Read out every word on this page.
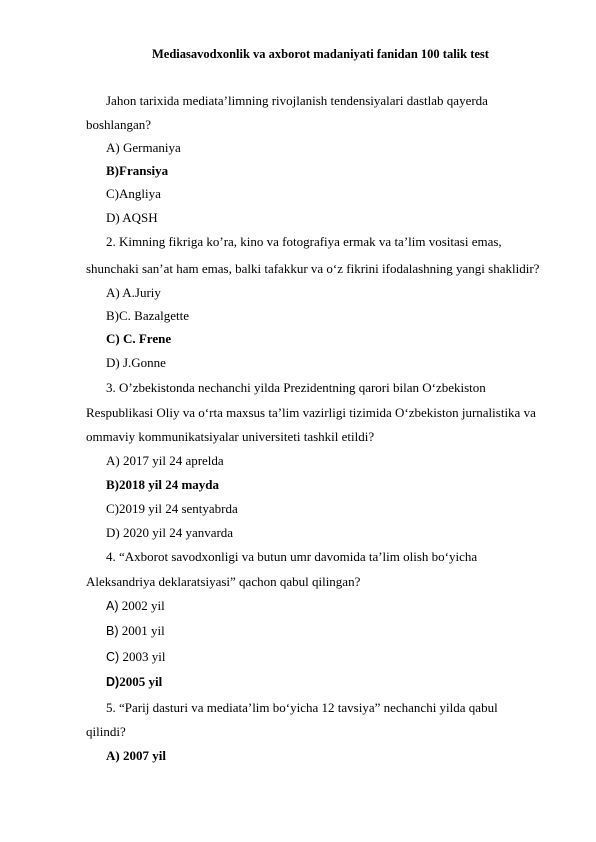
Mediasavodxonlik va axborot madaniyati fanidan 100 talik test
Jahon tarixida mediata’limning rivojlanish tendensiyalari dastlab qayerda
boshlangan?
A) Germaniya
B)Fransiya
C)Angliya
D) AQSH
2. Kimning fikriga ko’ra, kino va fotografiya ermak va ta’lim vositasi emas,
shunchaki san’at ham emas, balki tafakkur va o‘z fikrini ifodalashning yangi shaklidir?
A) A.Juriy
B)C. Bazalgette
C) C. Frene
D) J.Gonne
3. O’zbekistonda nechanchi yilda Prezidentning qarori bilan O‘zbekiston
Respublikasi Oliy va o‘rta maxsus ta’lim vazirligi tizimida O‘zbekiston jurnalistika va
ommaviy kommunikatsiyalar universiteti tashkil etildi?
A) 2017 yil 24 aprelda
B)2018 yil 24 mayda
C)2019 yil 24 sentyabrda
D) 2020 yil 24 yanvarda
4. “Axborot savodxonligi va butun umr davomida ta’lim olish bo‘yicha
Aleksandriya deklaratsiyasi” qachon qabul qilingan?
A) 2002 yil
B) 2001 yil
C) 2003 yil
D)2005 yil
5. “Parij dasturi va mediata’lim bo‘yicha 12 tavsiya” nechanchi yilda qabul
qilindi?
A) 2007 yil
